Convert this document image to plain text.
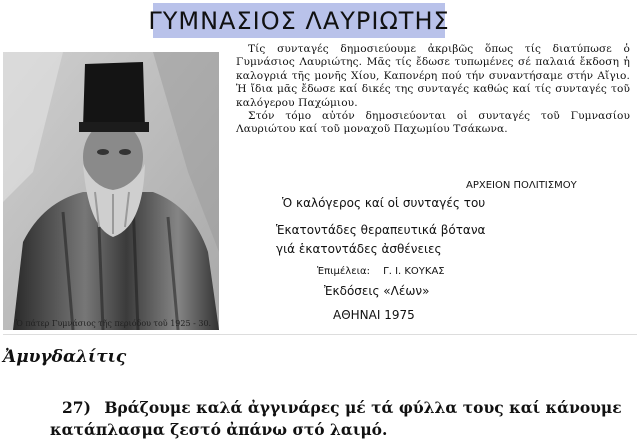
ΓΥΜΝΑΣΙΟΣ ΛΑΥΡΙΩΤΗΣ
Ὁ πάτερ Γυμνάσιος τῆς περιόδου τοῦ 1925 - 30.

Τίς συνταγές δημοσιεύουμε ἀκριβῶς ὅπως τίς διατύπωσε ὁ Γυμνάσιος Λαυριώτης. Μᾶς τίς ἔδωσε τυπωμένες σέ παλαιά ἔκδοση ἡ καλογριά τῆς μονῆς Χίου, Καπονέρη πού τήν συναντήσαμε στήν Αἴγιο. Ἡ ἴδια μᾶς ἔδωσε καί δικές της συνταγές καθώς καί τίς συνταγές τοῦ καλόγερου Παχώμιου.

Στόν τόμο αὐτόν δημοσιεύονται οἱ συνταγές τοῦ Γυμνασίου Λαυριώτου καί τοῦ μοναχοῦ Παχωμίου Τσάκωνα.

ΑΡΧΕΙΟΝ ΠΟΛΙΤΙΣΜΟΥ
Ὁ καλόγερος καί οἱ συνταγές του
Ἑκατοντάδες θεραπευτικά βότανα
γιά ἑκατοντάδες ἀσθένειες
Ἐπιμέλεια: Γ. Ι. ΚΟΥΚΑΣ
Ἐκδόσεις «Λέων»
ΑΘΗΝΑΙ 1975
Ἀμυγδαλίτις
27) Βράζουμε καλά ἀγγινάρες μέ τά φύλλα τους καί κάνουμε
κατάπλασμα ζεστό ἀπάνω στό λαιμό.
